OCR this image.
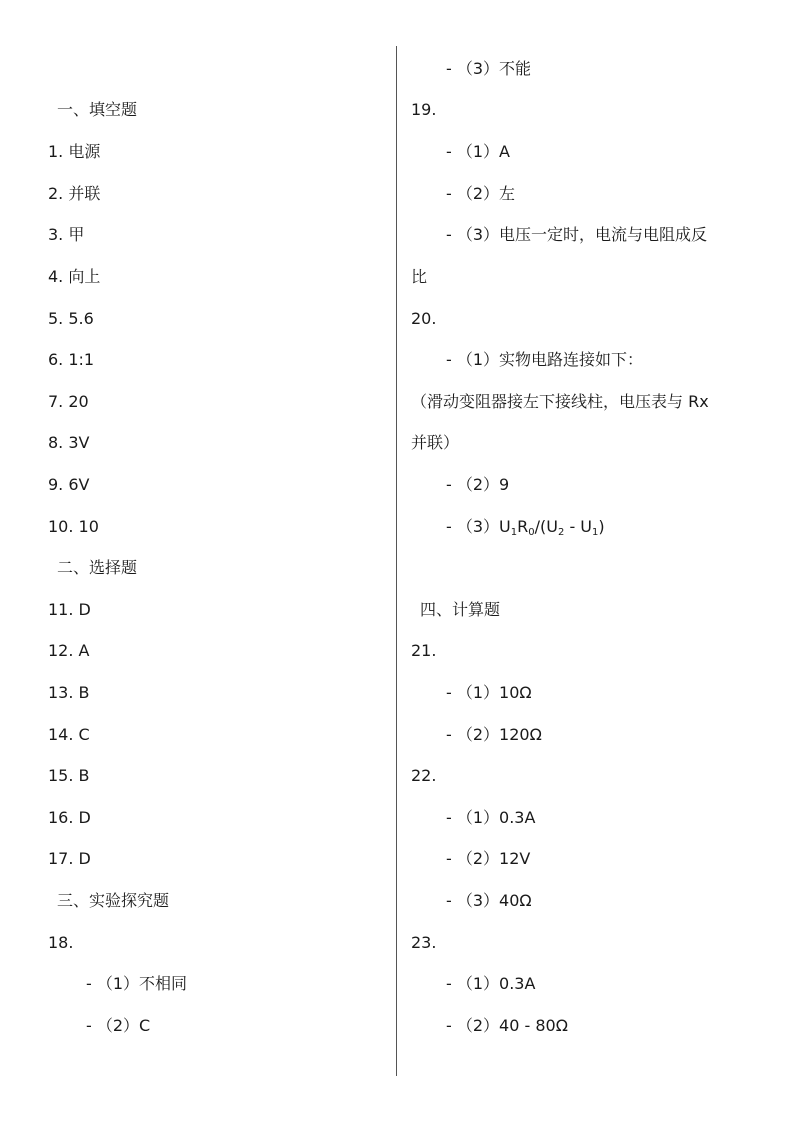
一、填空题
1. 电源
2. 并联
3. 甲
4. 向上
5. 5.6
6. 1:1
7. 20
8. 3V
9. 6V
10. 10
二、选择题
11. D
12. A
13. B
14. C
15. B
16. D
17. D
三、实验探究题
18.
- （1）不相同
- （2）C
- （3）不能
19.
- （1）A
- （2）左
- （3）电压一定时，电流与电阻成反
比
20.
- （1）实物电路连接如下：
（滑动变阻器接左下接线柱，电压表与 Rx
并联）
- （2）9
- $(3)U_1R_0/(U_2 - U_1)$
四、计算题
21.
- （1）10Ω
- （2）120Ω
22.
- （1）0.3A
- （2）12V
- （3）40Ω
23.
- （1）0.3A
- （2）40 - 80Ω
